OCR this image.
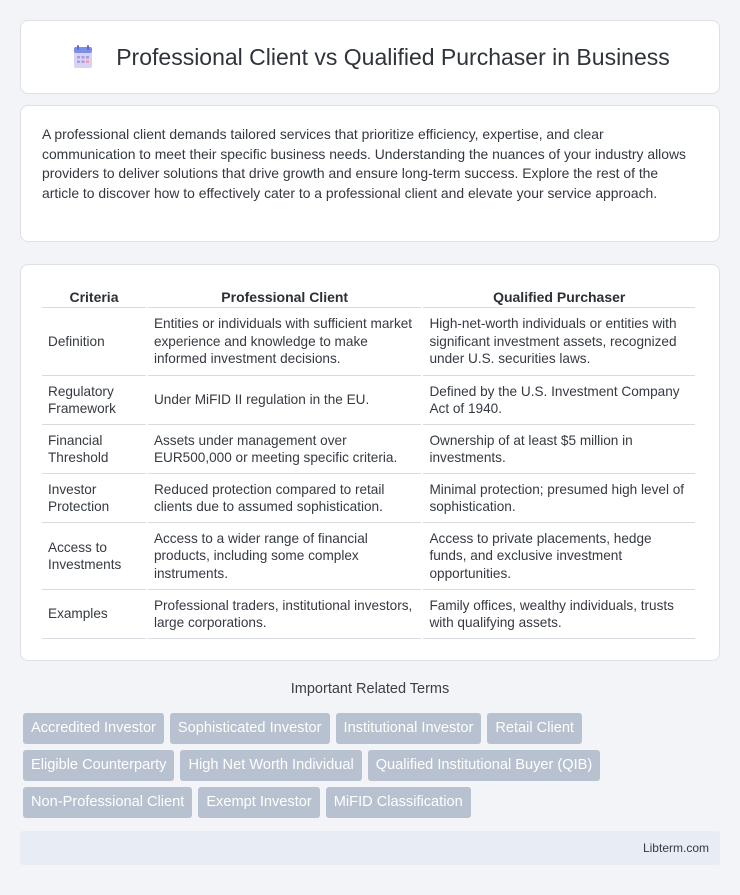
Professional Client vs Qualified Purchaser in Business

A professional client demands tailored services that prioritize efficiency, expertise, and clear communication to meet their specific business needs. Understanding the nuances of your industry allows providers to deliver solutions that drive growth and ensure long-term success. Explore the rest of the article to discover how to effectively cater to a professional client and elevate your service approach.

Criteria	Professional Client	Qualified Purchaser
Definition	Entities or individuals with sufficient market experience and knowledge to make informed investment decisions.	High-net-worth individuals or entities with significant investment assets, recognized under U.S. securities laws.
Regulatory Framework	Under MiFID II regulation in the EU.	Defined by the U.S. Investment Company Act of 1940.
Financial Threshold	Assets under management over EUR500,000 or meeting specific criteria.	Ownership of at least $5 million in investments.
Investor Protection	Reduced protection compared to retail clients due to assumed sophistication.	Minimal protection; presumed high level of sophistication.
Access to Investments	Access to a wider range of financial products, including some complex instruments.	Access to private placements, hedge funds, and exclusive investment opportunities.
Examples	Professional traders, institutional investors, large corporations.	Family offices, wealthy individuals, trusts with qualifying assets.
Important Related Terms
Accredited Investor	Sophisticated Investor	Institutional Investor	Retail Client
Eligible Counterparty	High Net Worth Individual	Qualified Institutional Buyer (QIB)
Non-Professional Client	Exempt Investor	MiFID Classification
Libterm.com
